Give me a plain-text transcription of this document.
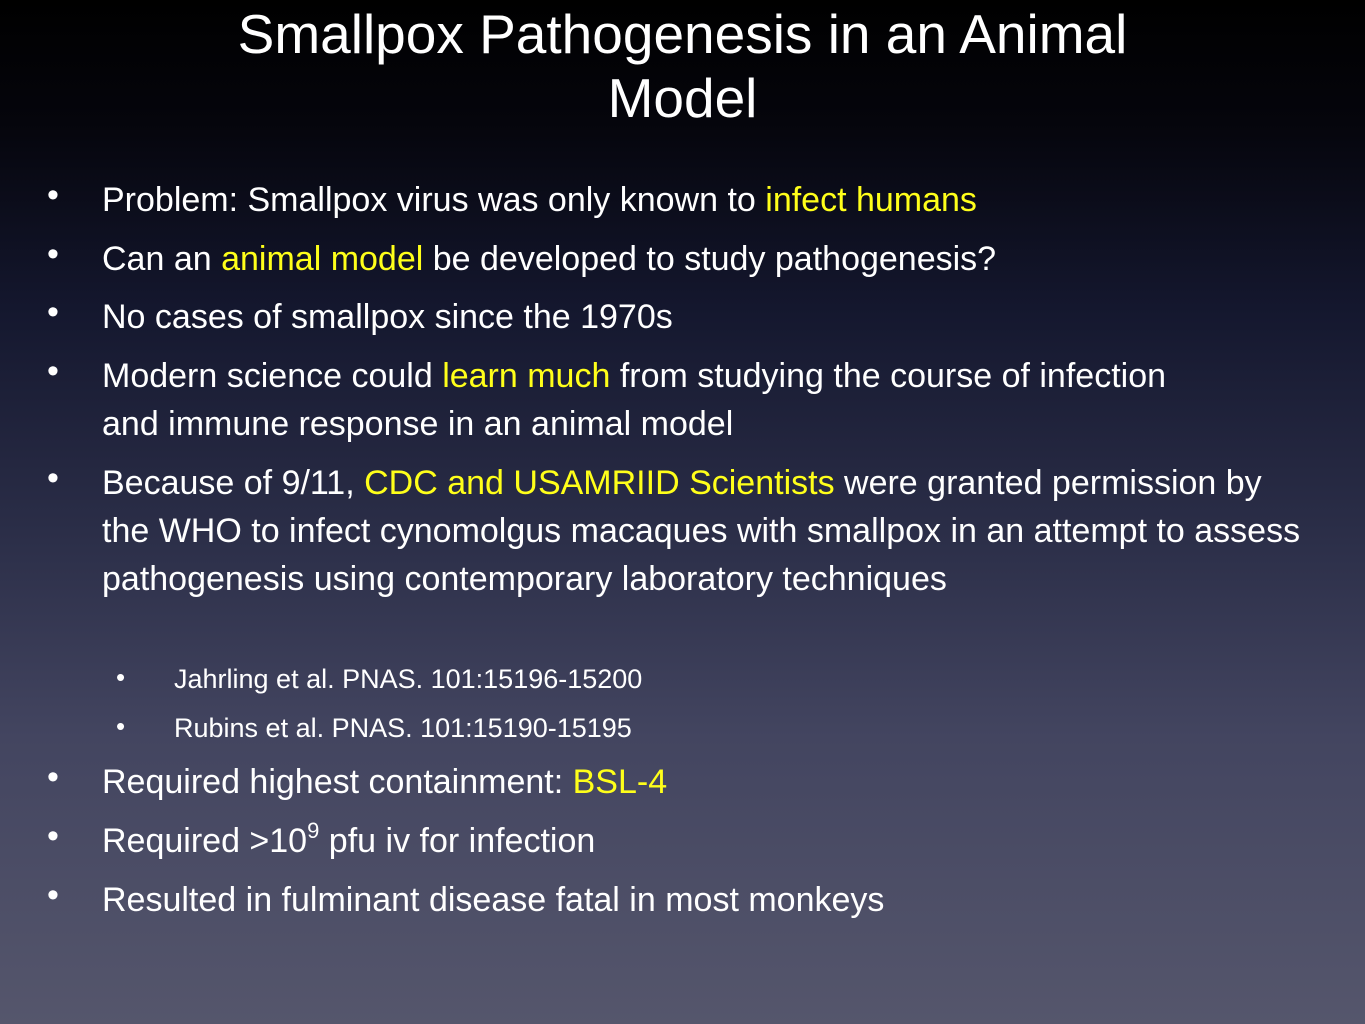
Smallpox Pathogenesis in an Animal
Model
• Problem: Smallpox virus was only known to infect humans
• Can an animal model be developed to study pathogenesis?
• No cases of smallpox since the 1970s
• Modern science could learn much from studying the course of infection and immune response in an animal model
• Because of 9/11, CDC and USAMRIID Scientists were granted permission by the WHO to infect cynomolgus macaques with smallpox in an attempt to assess pathogenesis using contemporary laboratory techniques
• Jahrling et al. PNAS. 101:15196-15200
• Rubins et al. PNAS. 101:15190-15195
• Required highest containment: BSL-4
• Required $>10^9$ pfu iv for infection
• Resulted in fulminant disease fatal in most monkeys
